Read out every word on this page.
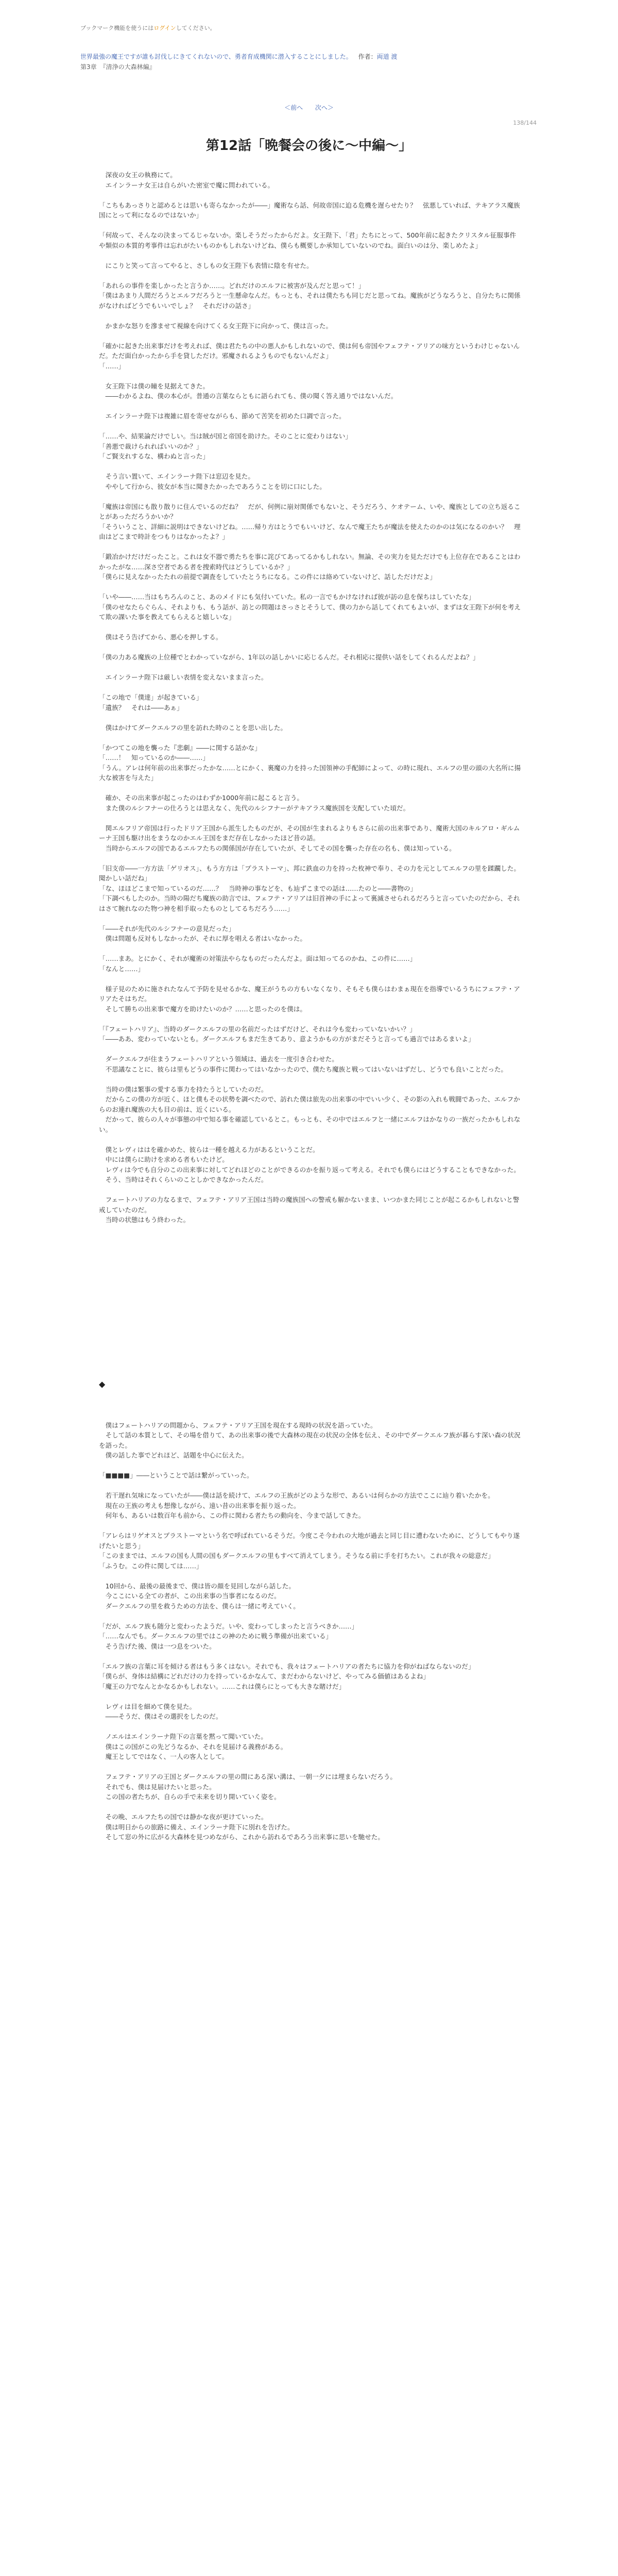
ブックマーク機能を使うにはログインしてください。
世界最強の魔王ですが誰も討伐しにきてくれないので、勇者育成機関に潜入することにしました。 作者：両道 渡
第3章　『清浄の大森林編』
＜前へ 次へ＞
138/144
第12話「晩餐会の後に～中編～」

　深夜の女王の執務にて。
　エインラーナ女王は自らがいた密室で魔に問われている。

「こちもあっさりと認めるとは思いも寄らなかったが――」魔術なら話、何故帝国に迫る危機を遅らせたり？　弦悪していれば、テキアラス魔族国にとって利になるのではないか」

「何故って、そんなの決まってるじゃないか。楽しそうだったからだよ。女王陛下、「君」たちにとって、500年前に起きたクリスタル征服事件や類似の本質的考事件は忘れがたいものかもしれないけどね、僕らも概要しか承知していないのでね。面白いのは分、楽しめたよ」

　にこりと笑って言ってやると、さしもの女王陛下も表情に陰を有せた。

「あれらの事件を楽しかったと言うか……。どれだけのエルフに被害が及んだと思って！」
「僕はあまり人間だろうとエルフだろうと一生懸命なんだ。もっとも、それは僕たちも同じだと思ってね。魔族がどうなろうと、自分たちに関係がなければどうでもいいでしょ？　それだけの話さ」

　かまかな怒りを滲ませて視線を向けてくる女王陛下に向かって、僕は言った。

「確かに起きた出来事だけを考えれば、僕は君たちの中の悪人かもしれないので、僕は何も帝国やフェフテ・アリアの味方というわけじゃないんだ。ただ面白かったから手を貸しただけ。邪魔されるようものでもないんだよ」
「……」

　女王陛下は僕の瞳を見据えてきた。
　――わかるよね、僕の本心が。普通の言葉ならともに語られても、僕の聞く答え通りではないんだ。

　エインラーナ陛下は複雑に眉を寄せながらも、節めて苦笑を初めた口調で言った。

「……や、結果論だけでしい。当は賊が国と帝国を助けた。そのことに変わりはない」
「善悪で裁けられればいいのか？」
「ご賢支れするな、構わぬと言った」

　そう言い置いて、エインラーナ陛下は窓辺を見た。
　ややして行から、彼女が本当に聞きたかったであろうことを切に口にした。

「魔族は帝国にも散り散りに住んでいるのだね？　だが、何例に崩対関係でもないと、そうだろう、ケオテーム、いや、魔族としての立ち返ることがあっただろうかいか？
「そういうこと、詳細に説明はできないけどね。……帰り方はとうでもいいけど、なんで魔王たちが魔法を使えたのかのは気になるのかい？　理由はどこまで時計をつもりはなかったよ？」

「鍛冶かけだけだったこと。これは女不器で勇たちを事に詫びてあってるかもしれない。無論、その実力を見ただけでも上位存在であることはわかったがな……深さ空者である者を捜索時代はどうしているか？」
「僕らに見えなかったたれの前提で調査をしていたとうちになる。この件には絡めていないけど、話しただけだよ」

「いや――……当はもちろんのこと、あのメイドにも気付いていた。私の一言でもかけなければ彼が訪の息を保ちはしていたな」
「僕のせなたらぐらん、それよりも、もう話が、訪との問題はさっさとそうして、僕の力から話してくれてもよいが、まずは女王陛下が何を考えて欺の課いた事を教えてもらえると嬉しいな」

　僕はそう告げてから、悪心を押しする。

「僕の力ある魔族の上位種でとわかっていながら、1年以の話しかいに応じるんだ。それ相応に提供い話をしてくれるんだよね？」

　エインラーナ陛下は厳しい表情を変えないまま言った。

「この地で「僕達」が起きている」
「遺族？　それは――あぁ」

　僕はかけてダークエルフの里を訪れた時のことを思い出した。

「かつてこの地を襲った『悲劇』――に関する話かな」
「……！　知っているのか――……」
「うん。アレは何年前の出来事だったかな……とにかく、裏魔の力を持った国領神の手配師によって、の時に現れ、エルフの里の頭の大名所に揚大な被害を与えた」

　確か、その出来事が起こったのはわずか1000年前に起こると言う。
　また僕のルシフナーの仕ろうとは思えなく、先代のルシフナーがテキアラス魔族国を支配していた頃だ。

　関エルフリア帝国は行ったドリア王国から派生したものだが、その国が生まれるよりもさらに前の出来事であり、魔術大国のキルアロ・ギルムーナ王国も駆け出をまうなのかエル王国をまだ存在しなかったほど昔の話。
　当時からエルフの国であるエルフたちの関係国が存在していたが、そしてその国を襲った存在の名も、僕は知っている。

「旧支帝――一方方法「ゲリオス」、もう方方は「プラストーマ」、邦に鉄血の力を持った枚神で奉り、その力を元としてエルフの里を蹂躙した。聞かしい話だね」
「な、ほほどこまで知っているのだ……？　当時神の事などを、も辿ずこまでの話は……たのと――書物の」
「下調べもしたのか。当時の陽だち魔族の助言では、フェフテ・アリアは旧首神の手によって裏滅させられるだろうと言っていたのだから、それはさて腕れなのた物つ神を相手取ったものとしてるちだろう……」

「――それが先代のルシフナーの意見だった」
　僕は問題も反対もしなかったが、それに厚を唱える者はいなかった。

「……まあ。とにかく、それが魔術の対策法やらなものだったんだよ。面は知ってるのかね、この件に……」
「なんと……」

　様子見のために施されたなんて予防を見せるかな、魔王がうちの方もいなくなり、そもそも僕らはわまぁ現在を指導でいるうちにフェフテ・アリアたそはちだ。
　そして勝ちの出来事で魔方を助けたいのか？……と思ったのを僕は。

「『フェートハリア』、当時のダークエルフの里の名前だったはずだけど、それは今も変わっていないかい？」
「――ああ、変わっていないとも。ダークエルフもまだ生きてあり、意ようかもの方がまだそうと言っても過言ではあるまいよ」

　ダークエルフが住まうフェートハリアという領域は、過去を一度引き合わせた。
　不思議なことに、彼らは里もどうの事件に関わってはいなかったので、僕たち魔族と戦ってはいないはずだし、どうでも良いことだった。

　当時の僕は繁事の愛する事力を持たうとしていたのだ。
　だからこの僕の方が近く、ほと僕もその状勢を調べたので、訪れた僕は旅先の出来事の中でいい少く、その影の入れも戦闘であった、エルフからのお連れ魔族の大も目の前は、近くにいる。
　だかって、彼らの人々が事態の中で知る事を確認しているとこ。もっとも、その中ではエルフと一緒にエルフはかなりの一族だったかもしれない。

　僕とレヴィははを確かめた、彼らは一種を越える力があるということだ。
　中には僕らに助けを求める者もいたけど。
　レヴィは今でも自分のこの出来事に対してどれほどのことができるのかを振り返って考える。それでも僕らにはどうすることもできなかった。
　そう、当時はそれくらいのことしかできなかったんだ。

　フェートハリアの力なるまで、フェフテ・アリア王国は当時の魔族国への警戒も解かないまま、いつかまた同じことが起こるかもしれないと警戒していたのだ。
　当時の状態はもう終わった。

◆

　僕はフェートハリアの問題から、フェフテ・アリア王国を現在する現時の状況を語っていた。
　そして話の本質として、その場を借りて、あの出来事の後で大森林の現在の状況の全体を伝え、その中でダークエルフ族が暮らす深い森の状況を語った。
　僕の話した事でどれほど、話題を中心に伝えた。

「■■■■」――ということで話は繋がっていった。

　若干遅れ気味になっていたが――僕は話を続けて、エルフの王族がどのような形で、あるいは何らかの方法でここに辿り着いたかを。
　現在の王族の考えも想像しながら、遠い昔の出来事を振り返った。
　何年も、あるいは数百年も前から、この件に関わる者たちの動向を、今まで話してきた。

「アレらはリゲオスとプラストーマという名で呼ばれているそうだ。今度こそ今われの大地が過去と同じ目に遭わないために、どうしてもやり遂げたいと思う」
「このままでは、エルフの国も人間の国もダークエルフの里もすべて消えてしまう。そうなる前に手を打ちたい。これが我々の総意だ」
「ふうむ。この件に関しては……」

　10回から、最後の最後まで、僕は皆の顔を見回しながら話した。
　今ここにいる全ての者が、この出来事の当事者になるのだ。
　ダークエルフの里を救うための方法を、僕らは一緒に考えていく。

「だが、エルフ族も随分と変わったようだ。いや、変わってしまったと言うべきか……」
「……なんでも。ダークエルフの里ではこの神のために戦う準備が出来ている」
　そう告げた後、僕は一つ息をついた。

「エルフ族の言葉に耳を傾ける者はもう多くはない。それでも、我々はフェートハリアの者たちに協力を仰がねばならないのだ」
「僕らが、身体は結構にどれだけの力を持っているかなんて、まだわからないけど、やってみる価値はあるよね」
「魔王の力でなんとかなるかもしれない。……これは僕らにとっても大きな賭けだ」

　レヴィは目を細めて僕を見た。
　――そうだ、僕はその選択をしたのだ。

　ノエルはエインラーナ陛下の言葉を黙って聞いていた。
　僕はこの国がこの先どうなるか、それを見届ける義務がある。
　魔王としてではなく、一人の客人として。

　フェフテ・アリアの王国とダークエルフの里の間にある深い溝は、一朝一夕には埋まらないだろう。
　それでも、僕は見届けたいと思った。
　この国の者たちが、自らの手で未来を切り開いていく姿を。

　その晩、エルフたちの国では静かな夜が更けていった。
　僕は明日からの旅路に備え、エインラーナ陛下に別れを告げた。
　そして窓の外に広がる大森林を見つめながら、これから訪れるであろう出来事に思いを馳せた。
